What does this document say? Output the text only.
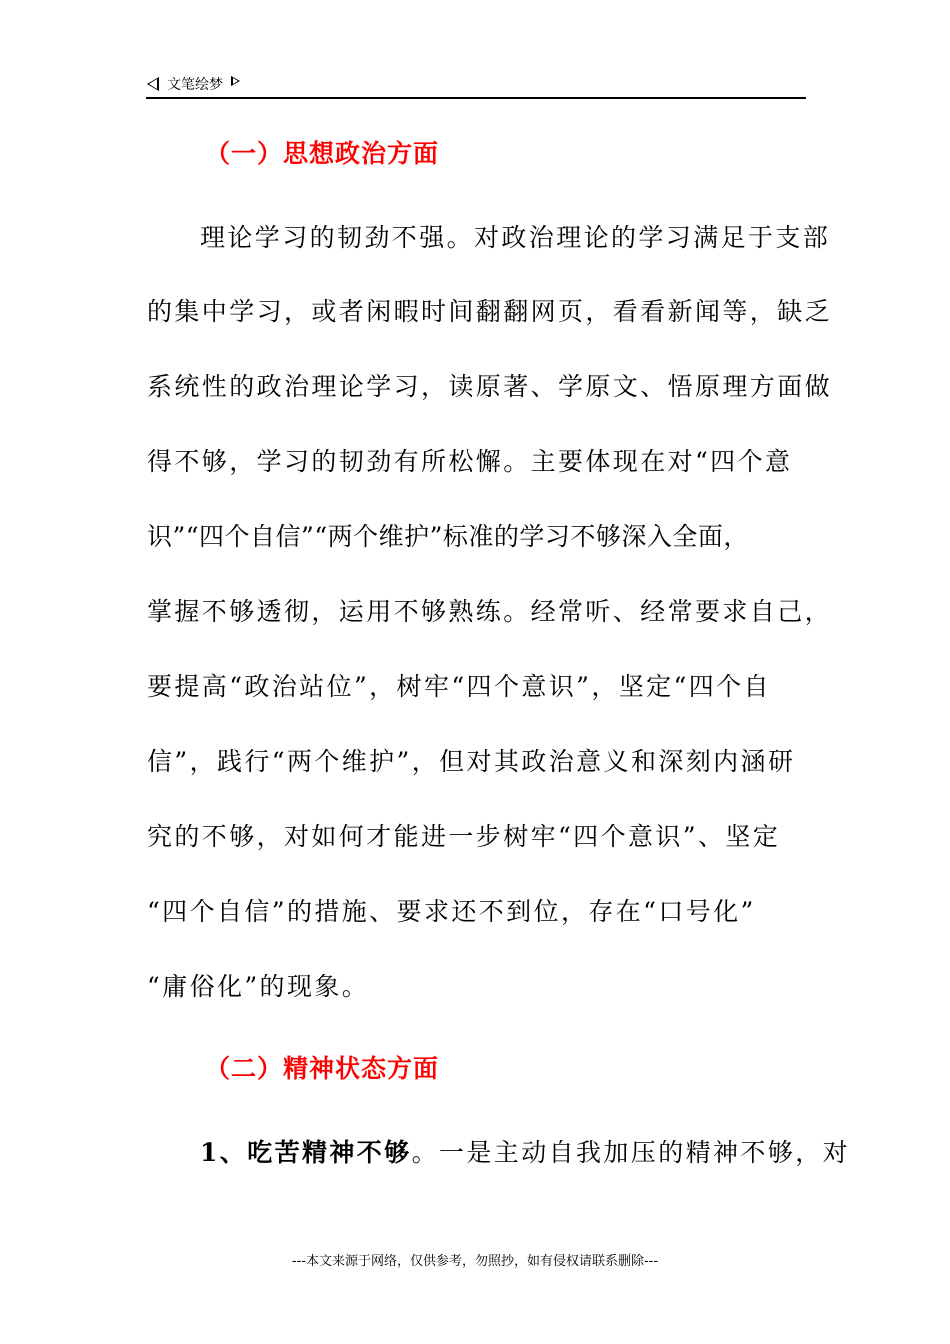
文笔绘梦
（一）思想政治方面
理论学习的韧劲不强。对政治理论的学习满足于支部
的集中学习，或者闲暇时间翻翻网页，看看新闻等，缺乏
系统性的政治理论学习，读原著、学原文、悟原理方面做
得不够，学习的韧劲有所松懈。主要体现在对“四个意
识”“四个自信”“两个维护”标准的学习不够深入全面，
掌握不够透彻，运用不够熟练。经常听、经常要求自己，
要提高“政治站位”，树牢“四个意识”，坚定“四个自
信”，践行“两个维护”，但对其政治意义和深刻内涵研
究的不够，对如何才能进一步树牢“四个意识”、坚定
“四个自信”的措施、要求还不到位，存在“口号化”
“庸俗化”的现象。
（二）精神状态方面
1、吃苦精神不够。一是主动自我加压的精神不够，对
---本文来源于网络，仅供参考，勿照抄，如有侵权请联系删除---
